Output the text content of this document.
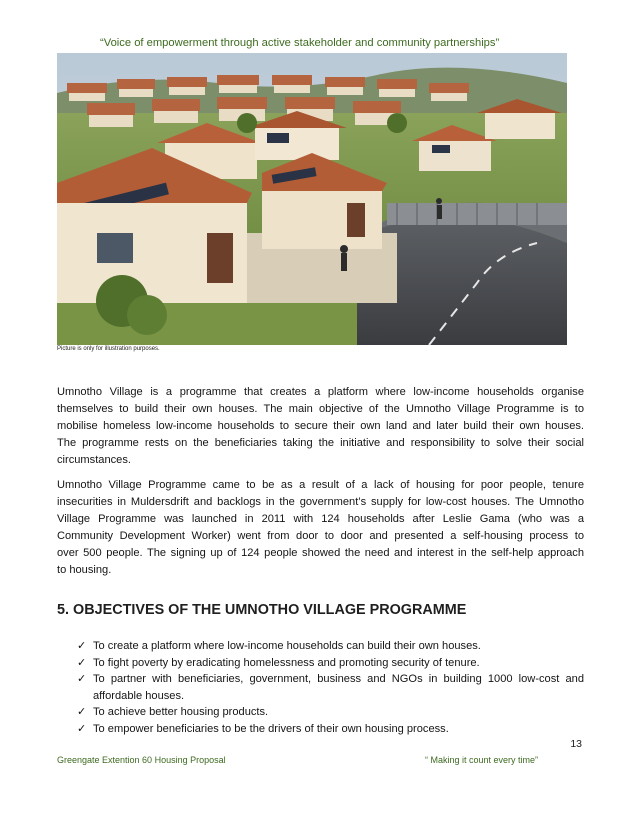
“Voice of empowerment through active stakeholder and community partnerships”
Picture is only for illustration purposes.
Umnotho Village is a programme that creates a platform where low-income households organise
themselves to build their own houses. The main objective of the Umnotho Village Programme is to
mobilise homeless low-income households to secure their own land and later build their own houses.
The programme rests on the beneficiaries taking the initiative and responsibility to solve their social
circumstances.
Umnotho Village Programme came to be as a result of a lack of housing for poor people, tenure
insecurities in Muldersdrift and backlogs in the government’s supply for low-cost houses. The Umnotho
Village Programme was launched in 2011 with 124 households after Leslie Gama (who was a
Community Development Worker) went from door to door and presented a self-housing process to
over 500 people. The signing up of 124 people showed the need and interest in the self-help approach
to housing.
5. OBJECTIVES OF THE UMNOTHO VILLAGE PROGRAMME
✓ To create a platform where low-income households can build their own houses.
✓ To fight poverty by eradicating homelessness and promoting security of tenure.
✓ To partner with beneficiaries, government, business and NGOs in building 1000 low-cost and affordable houses.
✓ To achieve better housing products.
✓ To empower beneficiaries to be the drivers of their own housing process.
13
Greengate Extention 60 Housing Proposal	“ Making it count every time”
